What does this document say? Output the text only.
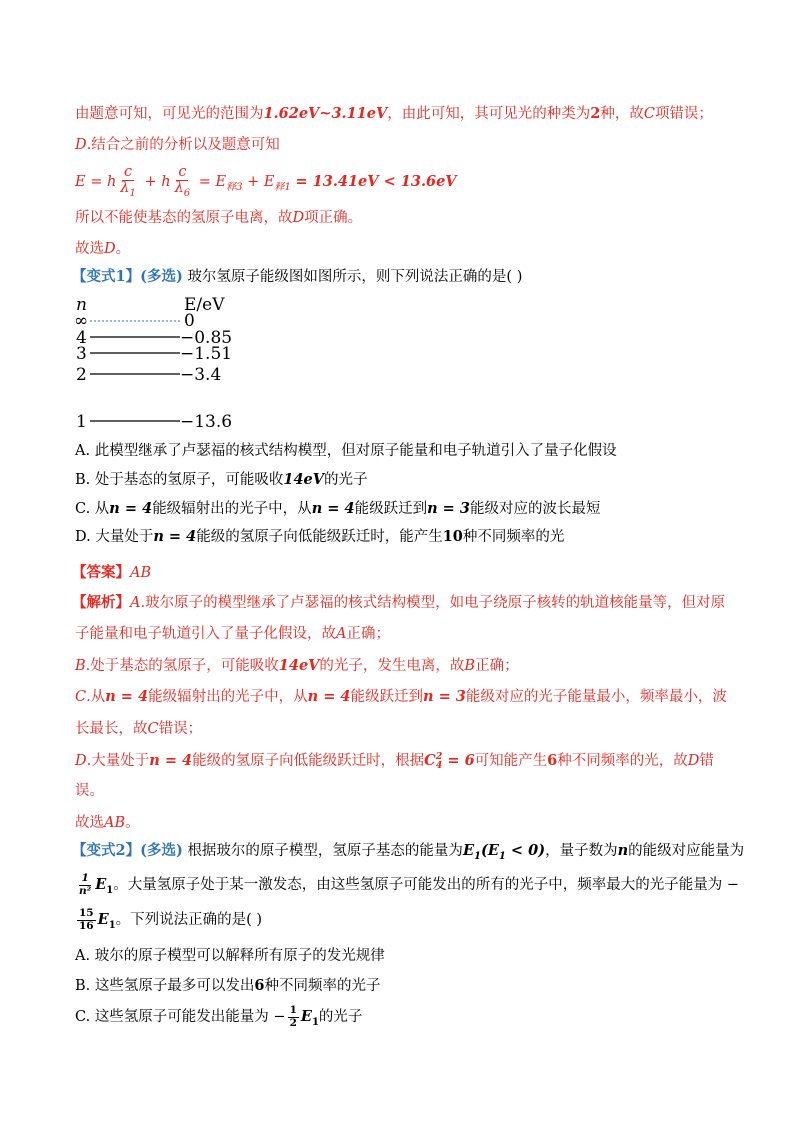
由题意可知，可见光的范围为1.62eV~3.11eV，由此可知，其可见光的种类为2种，故C项错误；
D.结合之前的分析以及题意可知
E = h $\frac{c}{\lambda_1} + h \frac{c}{\lambda_6} = E_{释3} + E_{释1} = 13.41eV < 13.6eV$
所以不能使基态的氢原子电离，故D项正确。
故选D。
【变式1】(多选) 玻尔氢原子能级图如图所示，则下列说法正确的是( )
n	E/eV
∞	0
4	−0.85
3	−1.51
2	−3.4
1	−13.6
A. 此模型继承了卢瑟福的核式结构模型，但对原子能量和电子轨道引入了量子化假设
B. 处于基态的氢原子，可能吸收14eV的光子
C. 从n = 4能级辐射出的光子中，从n = 4能级跃迁到n = 3能级对应的波长最短
D. 大量处于n = 4能级的氢原子向低能级跃迁时，能产生10种不同频率的光
【答案】AB
【解析】A.玻尔原子的模型继承了卢瑟福的核式结构模型，如电子绕原子核转的轨道核能量等，但对原
子能量和电子轨道引入了量子化假设，故A正确；
B.处于基态的氢原子，可能吸收14eV的光子，发生电离，故B正确；
C.从n = 4能级辐射出的光子中，从n = 4能级跃迁到n = 3能级对应的光子能量最小，频率最小，波
长最长，故C错误；
D.大量处于n = 4能级的氢原子向低能级跃迁时，根据C 2
4 = 6可知能产生6种不同频率的光，故D错
误。
故选AB。
【变式2】(多选) 根据玻尔的原子模型，氢原子基态的能量为$E_1(E_1 < 0)$，量子数为n的能级对应能量为
$\frac{1}{\text{n²}} E_1$。大量氢原子处于某一激发态，由这些氢原子可能发出的所有的光子中，频率最大的光子能量为 −
$\frac{15}{16} E_1$。下列说法正确的是( )
A. 玻尔的原子模型可以解释所有原子的发光规律
B. 这些氢原子最多可以发出6种不同频率的光子
C. 这些氢原子可能发出能量为 − $\frac{1}{2} E_1$的光子
